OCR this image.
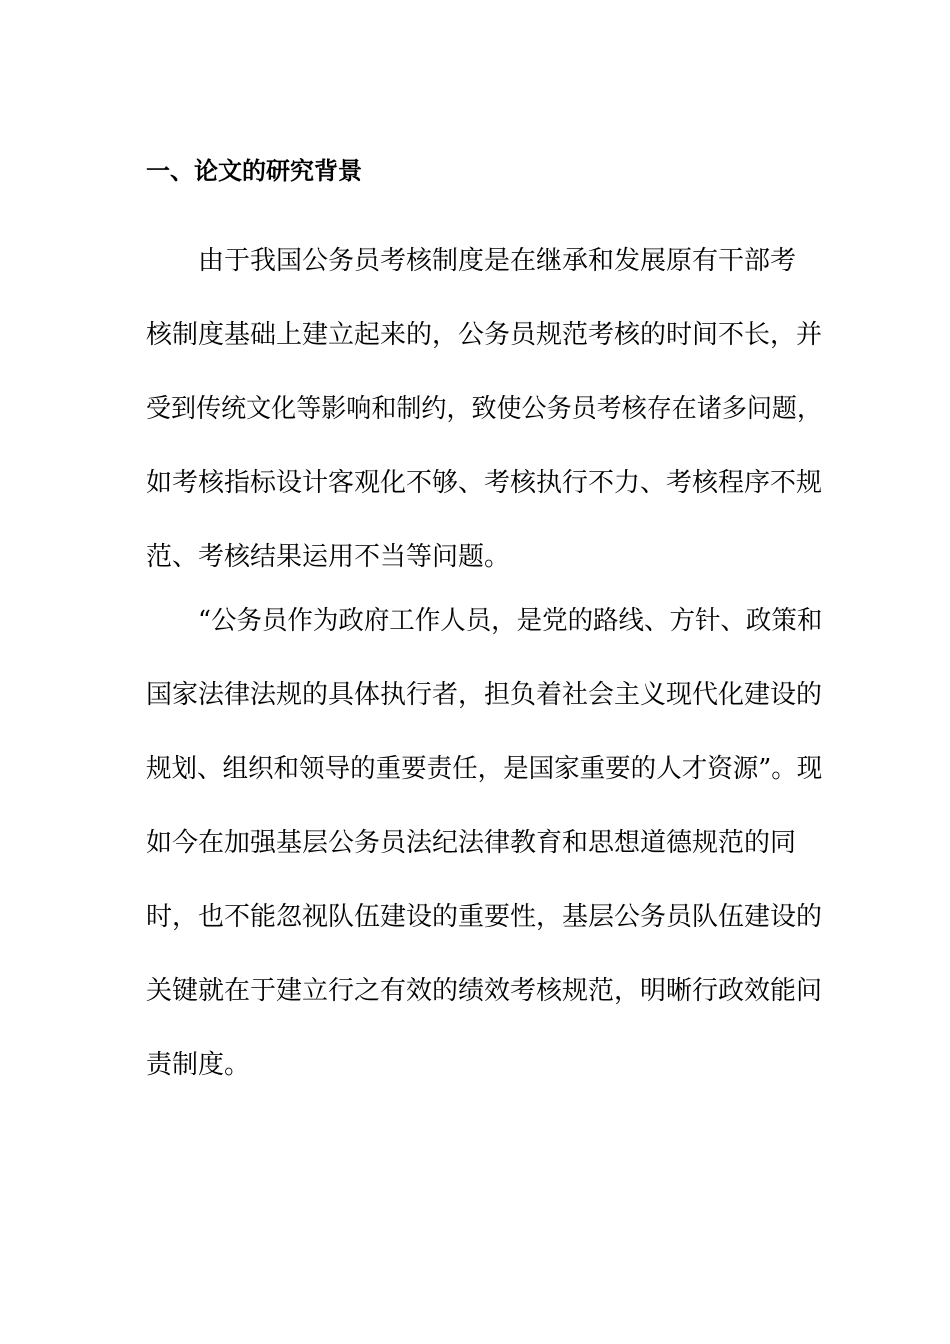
一、论文的研究背景
由于我国公务员考核制度是在继承和发展原有干部考
核制度基础上建立起来的，公务员规范考核的时间不长，并
受到传统文化等影响和制约，致使公务员考核存在诸多问题，
如考核指标设计客观化不够、考核执行不力、考核程序不规
范、考核结果运用不当等问题。
“公务员作为政府工作人员，是党的路线、方针、政策和
国家法律法规的具体执行者，担负着社会主义现代化建设的
规划、组织和领导的重要责任，是国家重要的人才资源”。现
如今在加强基层公务员法纪法律教育和思想道德规范的同
时，也不能忽视队伍建设的重要性，基层公务员队伍建设的
关键就在于建立行之有效的绩效考核规范，明晰行政效能问
责制度。
